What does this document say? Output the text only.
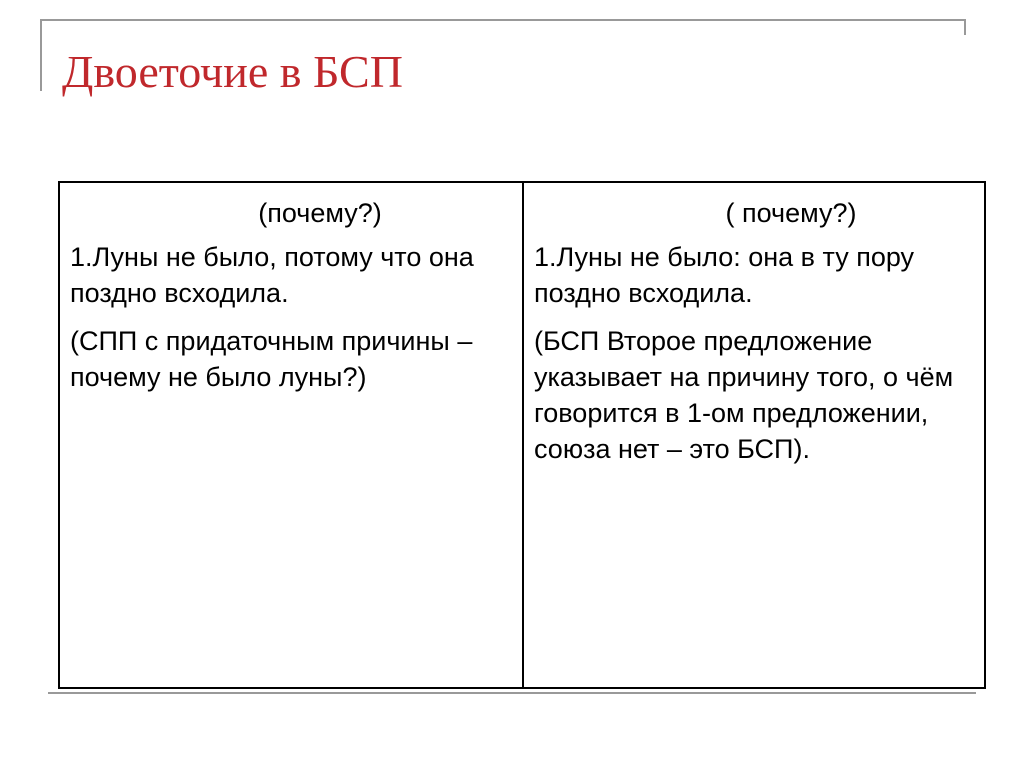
Двоеточие в БСП

(почему?)

1.Луны не было, потому что она поздно всходила.

(СПП с придаточным причины – почему не было луны?)

( почему?)

1.Луны не было: она в ту пору поздно всходила.

(БСП Второе предложение указывает на причину того, о чём говорится в 1-ом предложении, союза нет – это БСП).
